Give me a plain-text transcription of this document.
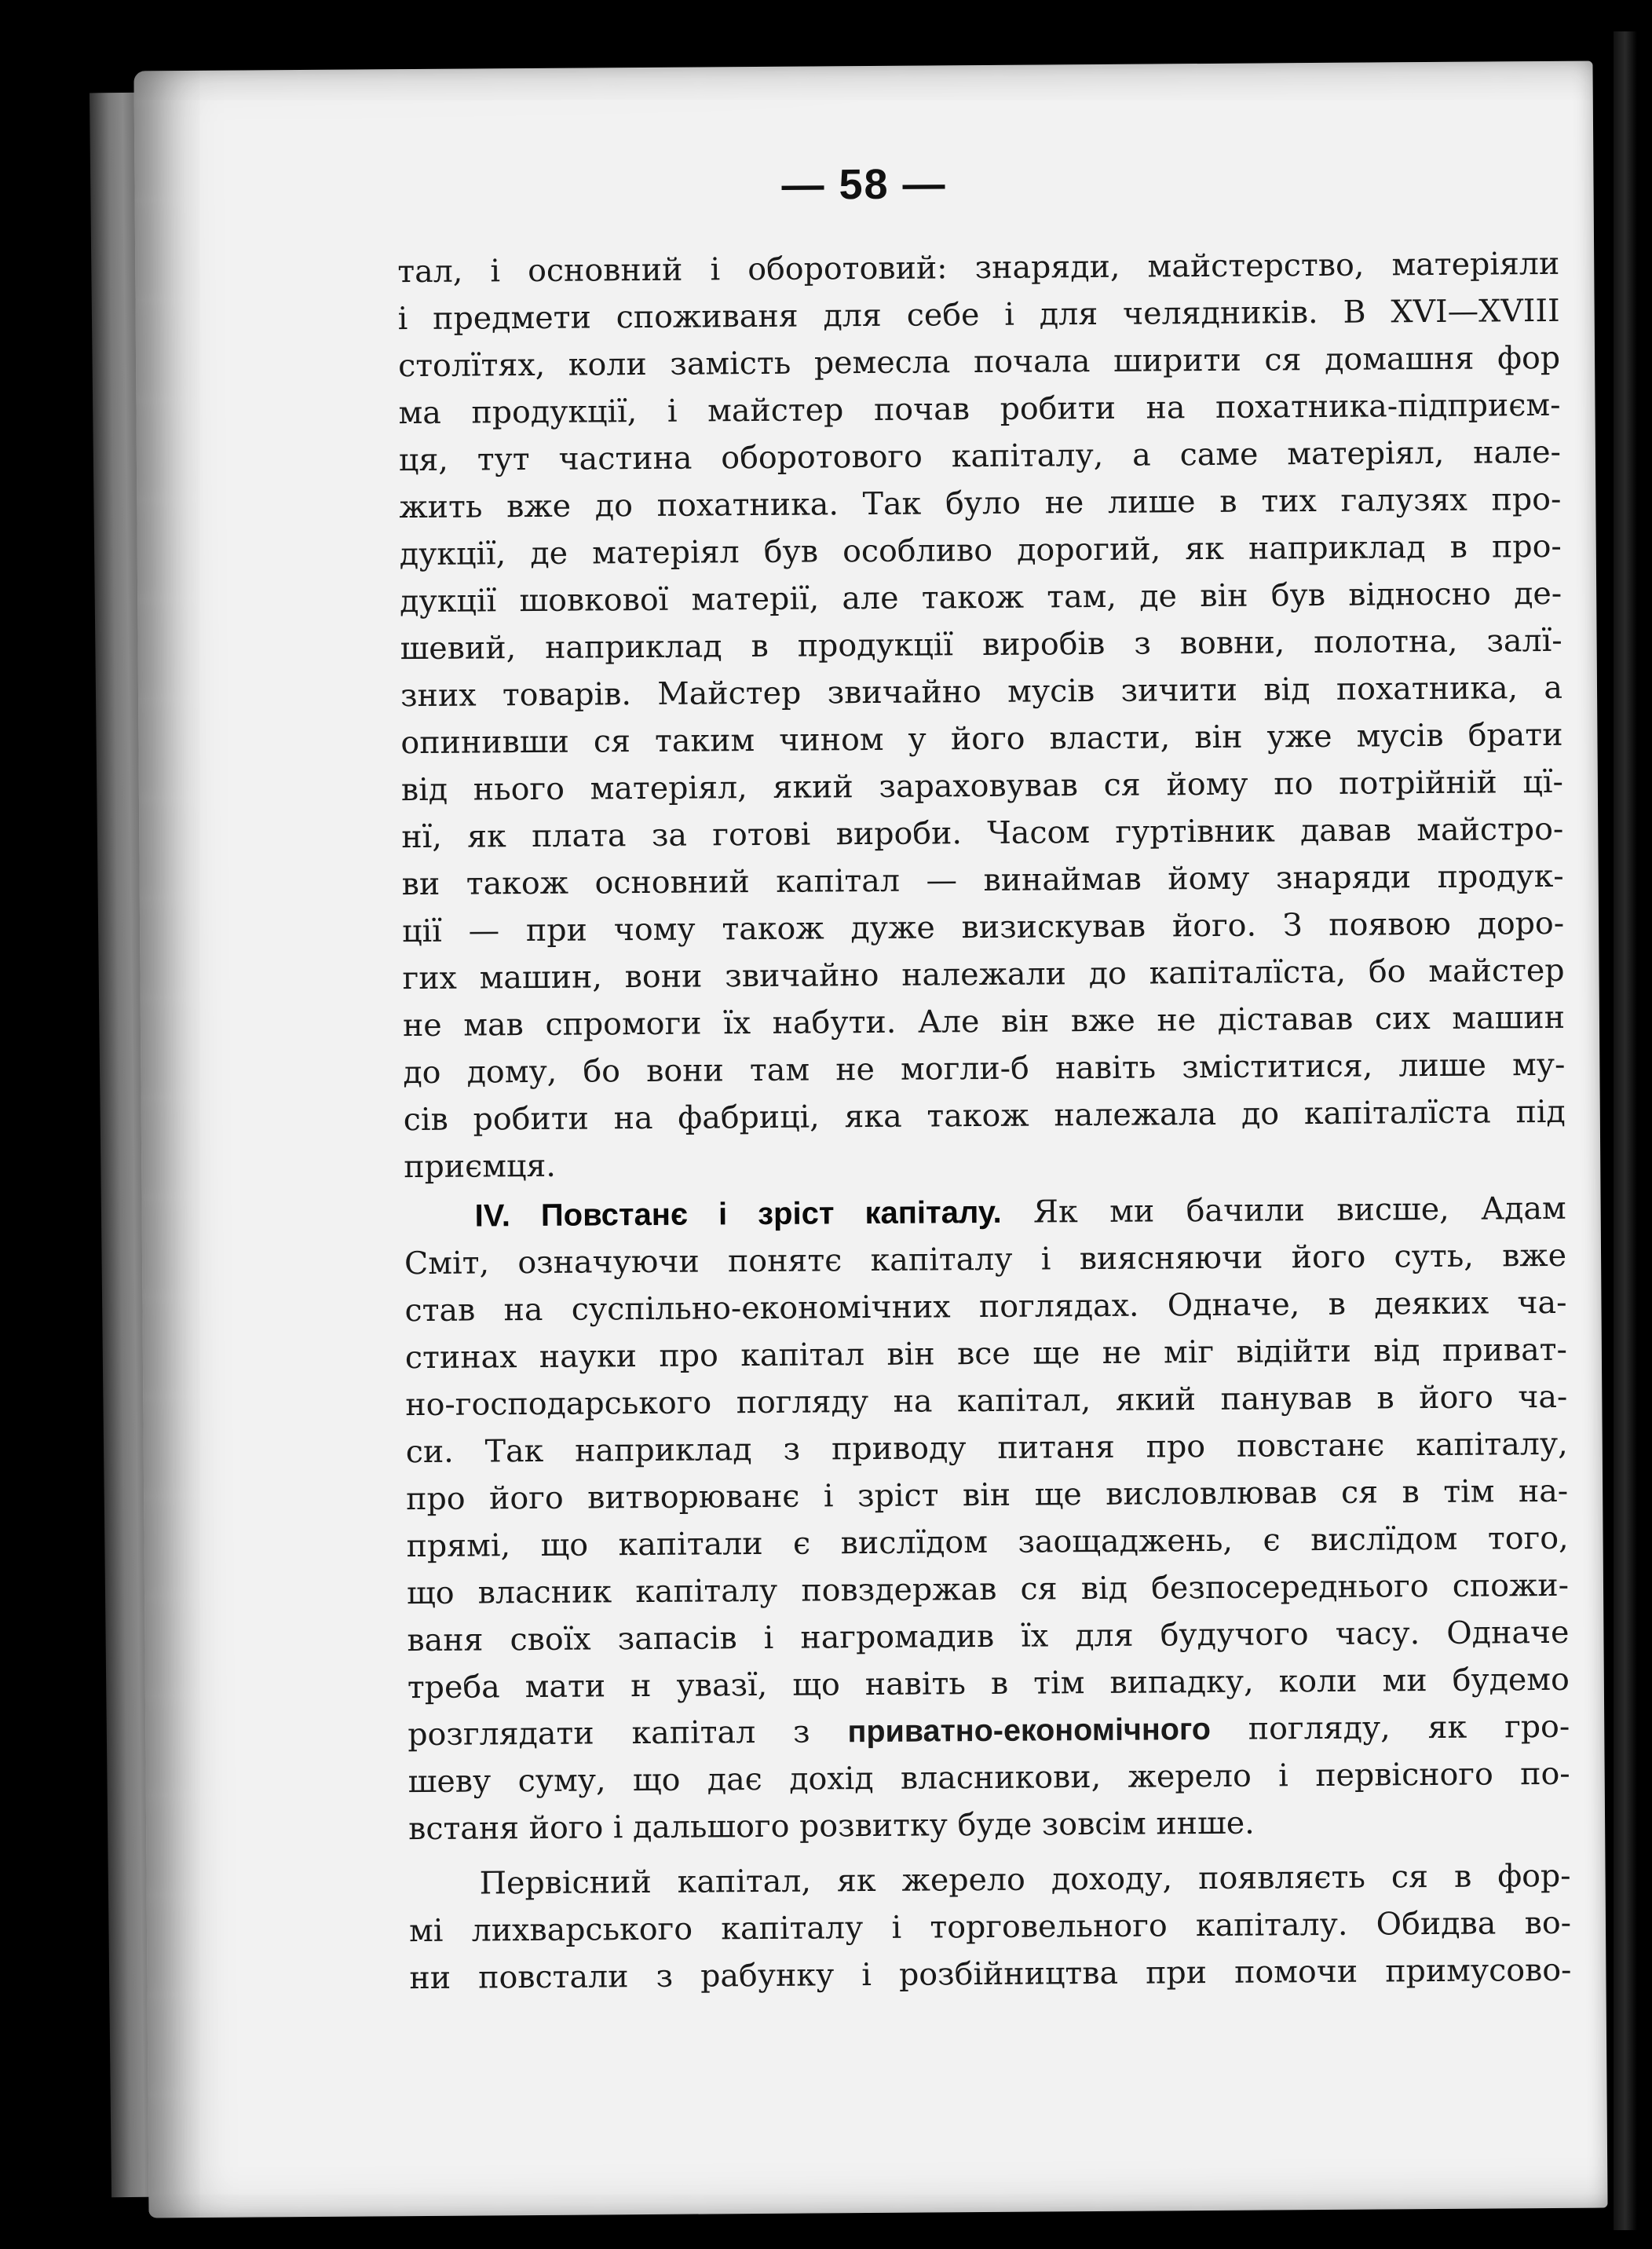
— 58 —
тал, і основний і оборотовий: знаряди, майстерство, матеріяли
і предмети споживаня для себе і для челядників. В XVI—XVIII
столїтях, коли замість ремесла почала ширити ся домашня фор
ма продукції, і майстер почав робити на похатника-підприєм-
ця, тут частина оборотового капіталу, а саме матеріял, нале-
жить вже до похатника. Так було не лише в тих галузях про-
дукції, де матеріял був особливо дорогий, як наприклад в про-
дукції шовкової матерії, але також там, де він був відносно де-
шевий, наприклад в продукції виробів з вовни, полотна, залї-
зних товарів. Майстер звичайно мусів зичити від похатника, а
опинивши ся таким чином у його власти, він уже мусів брати
від нього матеріял, який зараховував ся йому по потрійній цї-
нї, як плата за готові вироби. Часом гуртівник давав майстро-
ви також основний капітал — винаймав йому знаряди продук-
ції — при чому також дуже визискував його. З появою доро-
гих машин, вони звичайно належали до капіталїста, бо майстер
не мав спромоги їх набути. Але він вже не діставав сих машин
до дому, бо вони там не могли-б навіть зміститися, лише му-
сів робити на фабриці, яка також належала до капіталїста під
приємця.
IV. Повстанє і зріст капіталу. Як ми бачили висше, Адам
Сміт, означуючи понятє капіталу і виясняючи його суть, вже
став на суспільно-економічних поглядах. Одначе, в деяких ча-
стинах науки про капітал він все ще не міг відійти від приват-
но-господарського погляду на капітал, який панував в його ча-
си. Так наприклад з приводу питаня про повстанє капіталу,
про його витворюванє і зріст він ще висловлював ся в тім на-
прямі, що капітали є вислїдом заощаджень, є вислїдом того,
що власник капіталу повздержав ся від безпосереднього спожи-
ваня своїх запасів і нагромадив їх для будучого часу. Одначе
треба мати н увазї, що навіть в тім випадку, коли ми будемо
розглядати капітал з приватно-економічного погляду, як гро-
шеву суму, що дає дохід власникови, жерело і первісного по-
встаня його і дальшого розвитку буде зовсім инше.
Первісний капітал, як жерело доходу, появляєть ся в фор-
мі лихварського капіталу і торговельного капіталу. Обидва во-
ни повстали з рабунку і розбійництва при помочи примусово-
